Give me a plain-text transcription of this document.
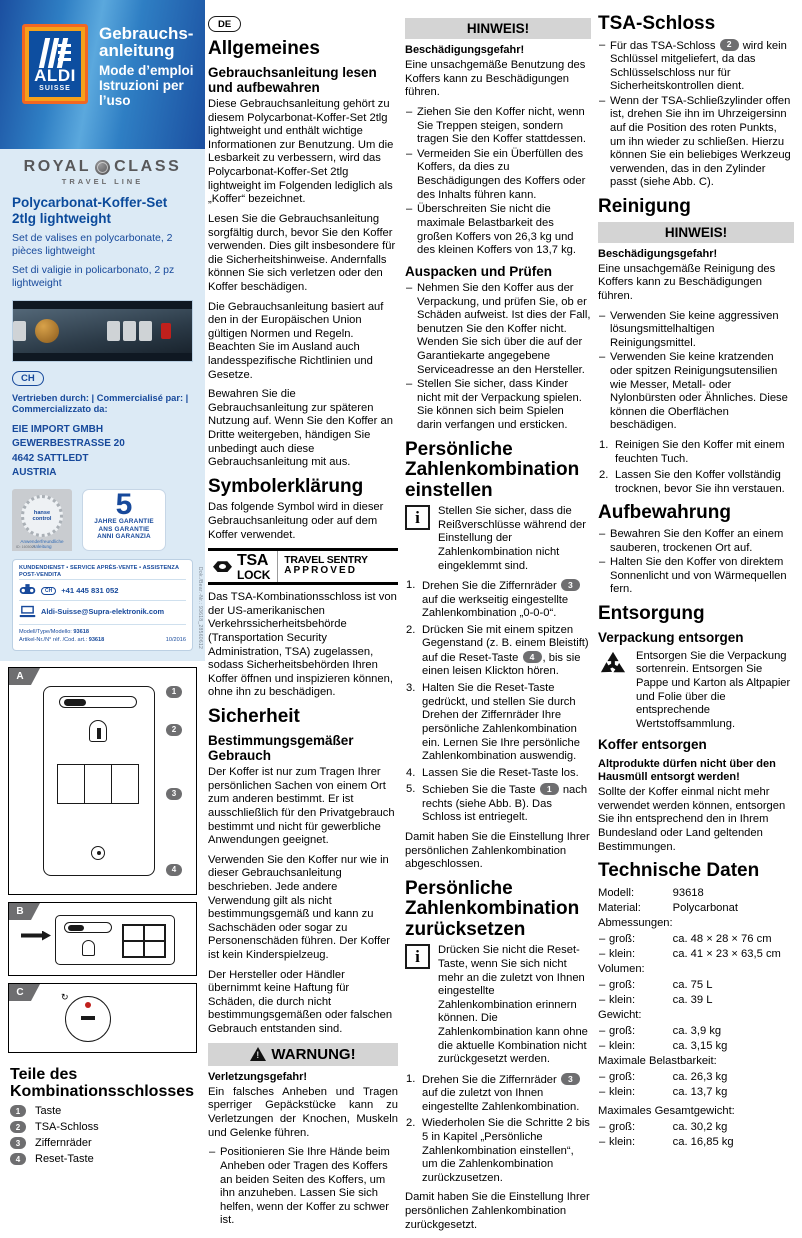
ALDI
SUISSE
Gebrauchs-anleitung
Mode d’emploi
Istruzioni per l’uso
ROYAL CLASS
TRAVEL LINE
Polycarbonat-Koffer-Set 2tlg lightweight
Set de valises en polycarbonate, 2 pièces lightweight
Set di valigie in policarbonato, 2 pz lightweight
CH
Vertrieben durch: | Commercialisé par: | Commercializzato da:
EIE IMPORT GMBH
GEWERBESTRASSE 20
4642 SATTLEDT
AUSTRIA
hanse
control
Anwenderfreundliche Anleitung
ID: 1605001
5
JAHRE GARANTIE
ANS GARANTIE
ANNI GARANZIA
KUNDENDIENST • SERVICE APRÈS-VENTE • ASSISTENZA POST-VENDITA
CH	+41 445 831 052
Aldi-Suisse@Supra-elektronik.com
Modell/Type/Modello: 93618
10/2016
Artikel-Nr./N° réf. /Cod. art.: 93618	Dok./Bear.-Nr.: 93618_28560612
A
1
2
3
4
B
C	↻
Teile des Kombinationsschlosses
1	Taste
2	TSA-Schloss
3	Ziffernräder
4	Reset-Taste
DE
Allgemeines
Gebrauchsanleitung lesen und aufbewahren

Diese Gebrauchsanleitung gehört zu diesem Polycarbonat-Koffer-Set 2tlg lightweight und enthält wichtige Informationen zur Benutzung. Um die Lesbarkeit zu verbessern, wird das Polycarbonat-Koffer-Set 2tlg lightweight im Folgenden lediglich als „Koffer“ bezeichnet.

Lesen Sie die Gebrauchsanleitung sorgfältig durch, bevor Sie den Koffer verwenden. Dies gilt insbesondere für die Sicherheitshinweise. Andernfalls können Sie sich verletzen oder den Koffer beschädigen.

Die Gebrauchsanleitung basiert auf den in der Europäischen Union gültigen Normen und Regeln. Beachten Sie im Ausland auch landesspezifische Richtlinien und Gesetze.

Bewahren Sie die Gebrauchsanleitung zur späteren Nutzung auf. Wenn Sie den Koffer an Dritte weitergeben, händigen Sie unbedingt auch diese Gebrauchsanleitung mit aus.

Symbolerklärung

Das folgende Symbol wird in dieser Gebrauchsanleitung oder auf dem Koffer verwendet.

TSA
LOCK
TRAVEL SENTRY
APPROVED

Das TSA-Kombinationsschloss ist von der US-amerikanischen Verkehrssicherheitsbehörde (Transportation Security Administration, TSA) zugelassen, sodass Sicherheitsbehörden Ihren Koffer öffnen und inspizieren können, ohne ihn zu beschädigen.

Sicherheit
Bestimmungsgemäßer Gebrauch

Der Koffer ist nur zum Tragen Ihrer persönlichen Sachen von einem Ort zum anderen bestimmt. Er ist ausschließlich für den Privatgebrauch bestimmt und nicht für gewerbliche Anwendungen geeignet.

Verwenden Sie den Koffer nur wie in dieser Gebrauchsanleitung beschrieben. Jede andere Verwendung gilt als nicht bestimmungsgemäß und kann zu Sachschäden oder sogar zu Personenschäden führen. Der Koffer ist kein Kinderspielzeug.

Der Hersteller oder Händler übernimmt keine Haftung für Schäden, die durch nicht bestimmungsgemäßen oder falschen Gebrauch entstanden sind.

!
WARNUNG!
Verletzungsgefahr!

Ein falsches Anheben und Tragen sperriger Gepäckstücke kann zu Verletzungen der Knochen, Muskeln und Gelenke führen.

– Positionieren Sie Ihre Hände beim Anheben oder Tragen des Koffers an beiden Seiten des Koffers, um ihn anzuheben. Lassen Sie sich helfen, wenn der Koffer zu schwer ist.
HINWEIS!
Beschädigungsgefahr!

Eine unsachgemäße Benutzung des Koffers kann zu Beschädigungen führen.

– Ziehen Sie den Koffer nicht, wenn Sie Treppen steigen, sondern tragen Sie den Koffer stattdessen.
– Vermeiden Sie ein Überfüllen des Koffers, da dies zu Beschädigungen des Koffers oder des Inhalts führen kann.
– Überschreiten Sie nicht die maximale Belastbarkeit des großen Koffers von 26,3 kg und des kleinen Koffers von 13,7 kg.
Auspacken und Prüfen
– Nehmen Sie den Koffer aus der Verpackung, und prüfen Sie, ob er Schäden aufweist. Ist dies der Fall, benutzen Sie den Koffer nicht. Wenden Sie sich über die auf der Garantiekarte angegebene Serviceadresse an den Hersteller.
– Stellen Sie sicher, dass Kinder nicht mit der Verpackung spielen. Sie können sich beim Spielen darin verfangen und ersticken.
Persönliche Zahlenkombination einstellen
i	Stellen Sie sicher, dass die Reißverschlüsse während der Einstellung der Zahlenkombination nicht eingeklemmt sind.
Drehen Sie die Ziffernräder 3 auf die werkseitig eingestellte Zahlenkombination „0-0-0“.
Drücken Sie mit einem spitzen Gegenstand (z. B. einem Bleistift) auf die Reset-Taste 4 , bis sie einen leisen Klickton hören.
Halten Sie die Reset-Taste gedrückt, und stellen Sie durch Drehen der Ziffernräder Ihre persönliche Zahlenkombination ein. Lernen Sie Ihre persönliche Zahlenkombination auswendig.
Lassen Sie die Reset-Taste los.
Schieben Sie die Taste 1 nach rechts (siehe Abb. B). Das Schloss ist entriegelt.

Damit haben Sie die Einstellung Ihrer persönlichen Zahlenkombination abgeschlossen.

Persönliche Zahlenkombination zurücksetzen
i	Drücken Sie nicht die Reset-Taste, wenn Sie sich nicht mehr an die zuletzt von Ihnen eingestellte Zahlenkombination erinnern können. Die Zahlenkombination kann ohne die aktuelle Kombination nicht zurückgesetzt werden.
Drehen Sie die Ziffernräder 3 auf die zuletzt von Ihnen eingestellte Zahlenkombination.
Wiederholen Sie die Schritte 2 bis 5 in Kapitel „Persönliche Zahlenkombination einstellen“, um die Zahlenkombination zurückzusetzen.

Damit haben Sie die Einstellung Ihrer persönlichen Zahlenkombination zurückgesetzt.

TSA-Schloss
– Für das TSA-Schloss 2 wird kein Schlüssel mitgeliefert, da das Schlüsselschloss nur für Sicherheitskontrollen dient.
– Wenn der TSA-Schließzylinder offen ist, drehen Sie ihn im Uhrzeigersinn auf die Position des roten Punkts, um ihn wieder zu schließen. Hierzu können Sie ein beliebiges Werkzeug verwenden, das in den Zylinder passt (siehe Abb. C).
Reinigung
HINWEIS!
Beschädigungsgefahr!

Eine unsachgemäße Reinigung des Koffers kann zu Beschädigungen führen.

– Verwenden Sie keine aggressiven lösungsmittelhaltigen Reinigungsmittel.
– Verwenden Sie keine kratzenden oder spitzen Reinigungsutensilien wie Messer, Metall- oder Nylonbürsten oder Ähnliches. Diese können die Oberflächen beschädigen.
Reinigen Sie den Koffer mit einem feuchten Tuch.
Lassen Sie den Koffer vollständig trocknen, bevor Sie ihn verstauen.
Aufbewahrung
– Bewahren Sie den Koffer an einem sauberen, trockenen Ort auf.
– Halten Sie den Koffer von direktem Sonnenlicht und von Wärmequellen fern.
Entsorgung
Verpackung entsorgen
Entsorgen Sie die Verpackung sortenrein. Entsorgen Sie Pappe und Karton als Altpapier und Folie über die entsprechende Wertstoffsammlung.
Koffer entsorgen
Altprodukte dürfen nicht über den Hausmüll entsorgt werden!

Sollte der Koffer einmal nicht mehr verwendet werden können, entsorgen Sie ihn entsprechend den in Ihrem Bundesland oder Land geltenden Bestimmungen.

Technische Daten
Modell:	93618
Material:	Polycarbonat
Abmessungen:	
– groß:	ca. 48 × 28 × 76 cm
– klein:	ca. 41 × 23 × 63,5 cm
Volumen:	
– groß:	ca. 75 L
– klein:	ca. 39 L
Gewicht:	
– groß:	ca. 3,9 kg
– klein:	ca. 3,15 kg
Maximale Belastbarkeit:	
– groß:	ca. 26,3 kg
– klein:	ca. 13,7 kg
Maximales Gesamtgewicht:	
– groß:	ca. 30,2 kg
– klein:	ca. 16,85 kg
